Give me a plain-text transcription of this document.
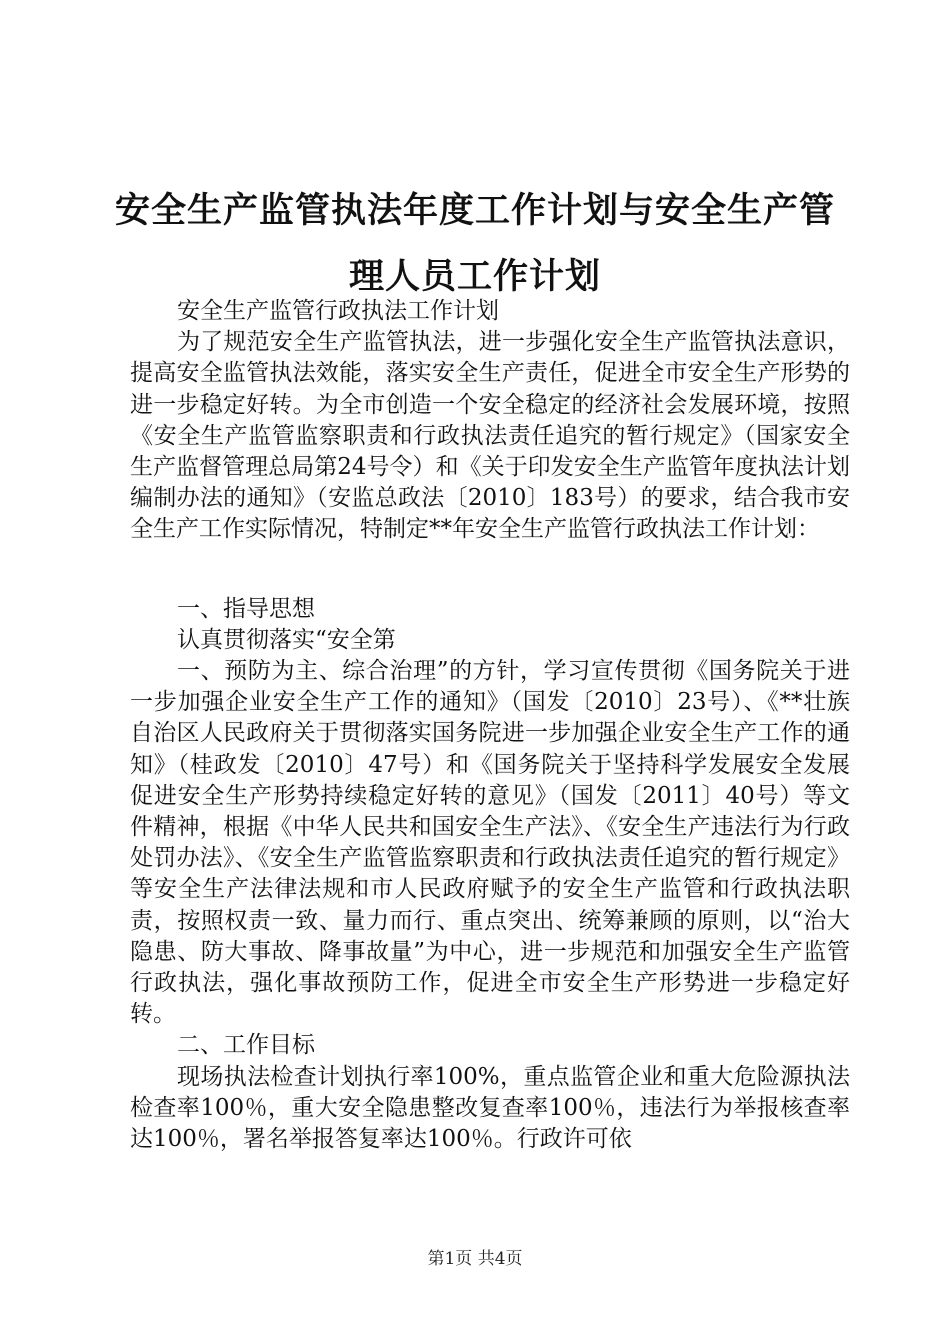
安全生产监管执法年度工作计划与安全生产管
理人员工作计划

安全生产监管行政执法工作计划

为了规范安全生产监管执法，进一步强化安全生产监管执法意识，提高安全监管执法效能，落实安全生产责任，促进全市安全生产形势的进一步稳定好转。为全市创造一个安全稳定的经济社会发展环境，按照《安全生产监管监察职责和行政执法责任追究的暂行规定》（国家安全生产监督管理总局第24号令）和《关于印发安全生产监管年度执法计划编制办法的通知》（安监总政法〔2010〕183号）的要求，结合我市安全生产工作实际情况，特制定**年安全生产监管行政执法工作计划：

一、指导思想

认真贯彻落实“安全第

一、预防为主、综合治理”的方针，学习宣传贯彻《国务院关于进一步加强企业安全生产工作的通知》（国发〔2010〕23号）、《**壮族自治区人民政府关于贯彻落实国务院进一步加强企业安全生产工作的通知》（桂政发〔2010〕47号）和《国务院关于坚持科学发展安全发展促进安全生产形势持续稳定好转的意见》（国发〔2011〕40号）等文件精神，根据《中华人民共和国安全生产法》、《安全生产违法行为行政处罚办法》、《安全生产监管监察职责和行政执法责任追究的暂行规定》等安全生产法律法规和市人民政府赋予的安全生产监管和行政执法职责，按照权责一致、量力而行、重点突出、统筹兼顾的原则，以“治大隐患、防大事故、降事故量”为中心，进一步规范和加强安全生产监管行政执法，强化事故预防工作，促进全市安全生产形势进一步稳定好转。

二、工作目标

现场执法检查计划执行率100%，重点监管企业和重大危险源执法检查率100％，重大安全隐患整改复查率100％，违法行为举报核查率达100％，署名举报答复率达100％。行政许可依

第1页 共4页
